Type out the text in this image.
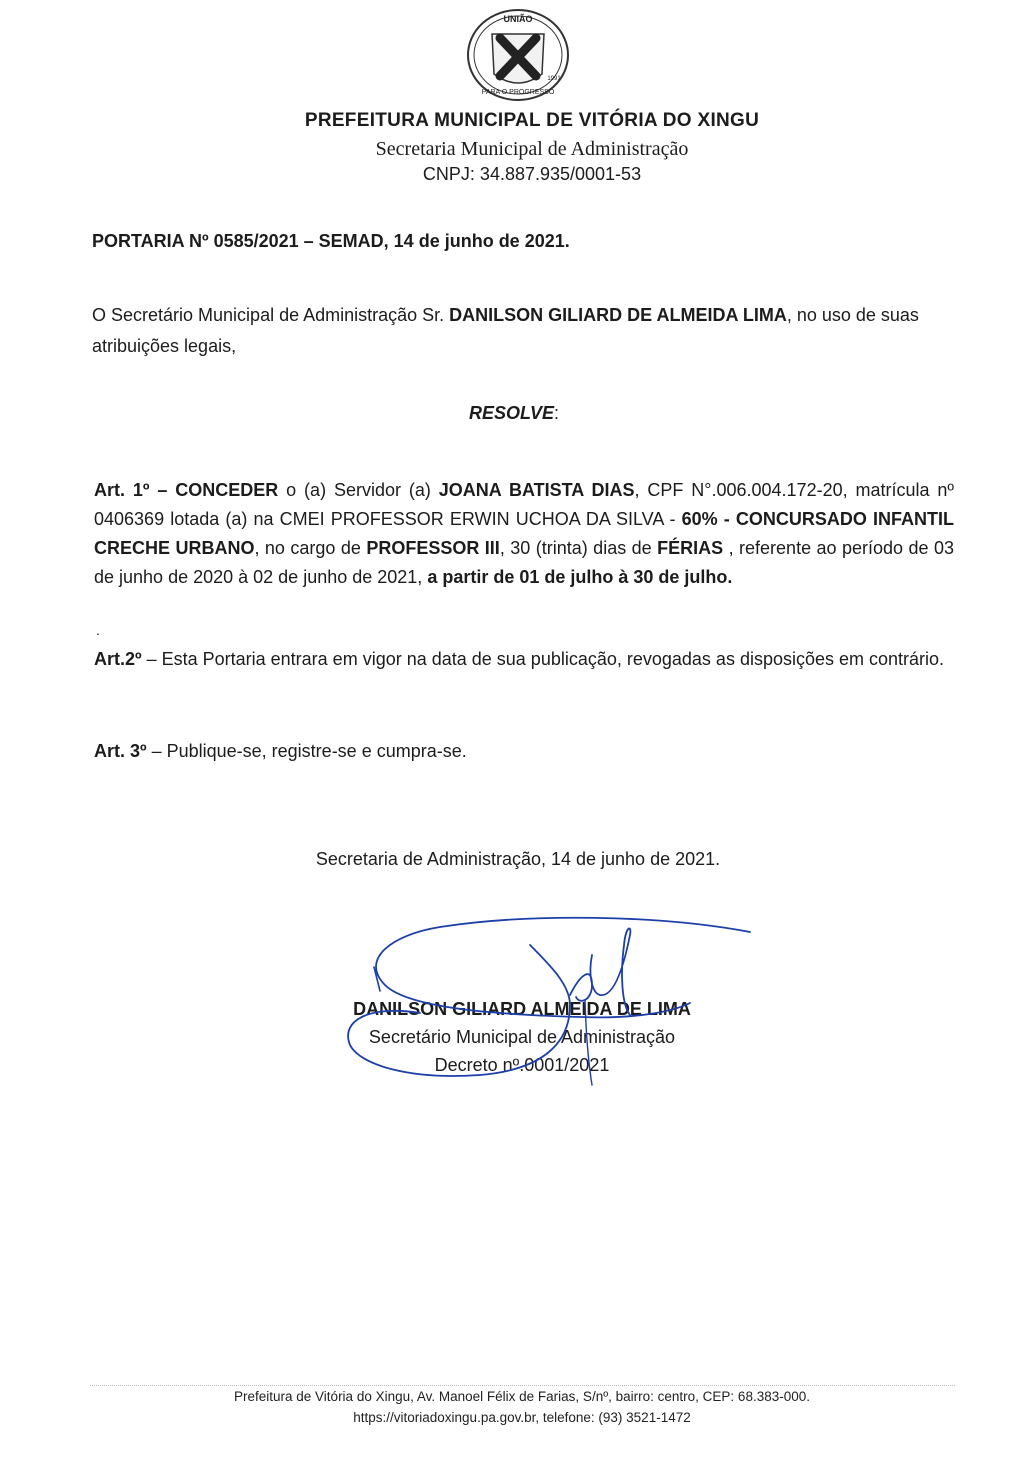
UNIÃO
PARA O PROGRESSO
1991
PREFEITURA MUNICIPAL DE VITÓRIA DO XINGU
Secretaria Municipal de Administração
CNPJ: 34.887.935/0001-53
PORTARIA Nº 0585/2021 – SEMAD, 14 de junho de 2021.
O Secretário Municipal de Administração Sr. DANILSON GILIARD DE ALMEIDA LIMA, no uso de suas atribuições legais,
RESOLVE:
Art. 1º – CONCEDER o (a) Servidor (a) JOANA BATISTA DIAS, CPF N°.006.004.172-20, matrícula nº 0406369 lotada (a) na CMEI PROFESSOR ERWIN UCHOA DA SILVA - 60% - CONCURSADO INFANTIL CRECHE URBANO, no cargo de PROFESSOR III, 30 (trinta) dias de FÉRIAS , referente ao período de 03 de junho de 2020 à 02 de junho de 2021, a partir de 01 de julho à 30 de julho.
.
Art.2º – Esta Portaria entrara em vigor na data de sua publicação, revogadas as disposições em contrário.
Art. 3º – Publique-se, registre-se e cumpra-se.
Secretaria de Administração, 14 de junho de 2021.
DANILSON GILIARD ALMEIDA DE LIMA
Secretário Municipal de Administração
Decreto nº.0001/2021
Prefeitura de Vitória do Xingu, Av. Manoel Félix de Farias, S/nº, bairro: centro, CEP: 68.383-000.
https://vitoriadoxingu.pa.gov.br, telefone: (93) 3521-1472
